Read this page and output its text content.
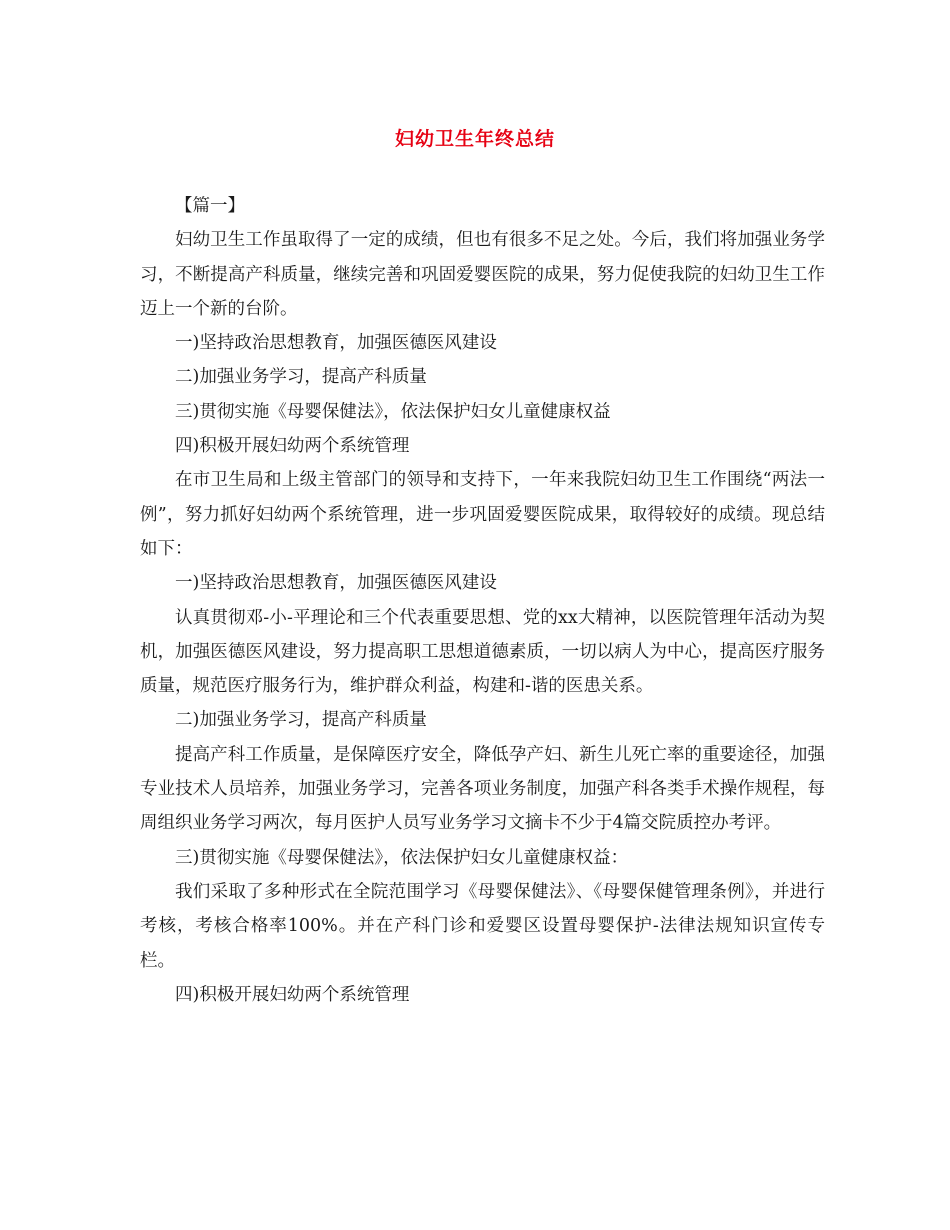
妇幼卫生年终总结

【篇一】

妇幼卫生工作虽取得了一定的成绩，但也有很多不足之处。今后，我们将加强业务学习，不断提高产科质量，继续完善和巩固爱婴医院的成果，努力促使我院的妇幼卫生工作迈上一个新的台阶。

一)坚持政治思想教育，加强医德医风建设

二)加强业务学习，提高产科质量

三)贯彻实施《母婴保健法》，依法保护妇女儿童健康权益

四)积极开展妇幼两个系统管理

在市卫生局和上级主管部门的领导和支持下，一年来我院妇幼卫生工作围绕“两法一例”，努力抓好妇幼两个系统管理，进一步巩固爱婴医院成果，取得较好的成绩。现总结如下：

一)坚持政治思想教育，加强医德医风建设

认真贯彻邓-小-平理论和三个代表重要思想、党的xx大精神，以医院管理年活动为契机，加强医德医风建设，努力提高职工思想道德素质，一切以病人为中心，提高医疗服务质量，规范医疗服务行为，维护群众利益，构建和-谐的医患关系。

二)加强业务学习，提高产科质量

提高产科工作质量，是保障医疗安全，降低孕产妇、新生儿死亡率的重要途径，加强专业技术人员培养，加强业务学习，完善各项业务制度，加强产科各类手术操作规程，每周组织业务学习两次，每月医护人员写业务学习文摘卡不少于4篇交院质控办考评。

三)贯彻实施《母婴保健法》，依法保护妇女儿童健康权益：

我们采取了多种形式在全院范围学习《母婴保健法》、《母婴保健管理条例》，并进行考核，考核合格率100%。并在产科门诊和爱婴区设置母婴保护-法律法规知识宣传专栏。

四)积极开展妇幼两个系统管理
